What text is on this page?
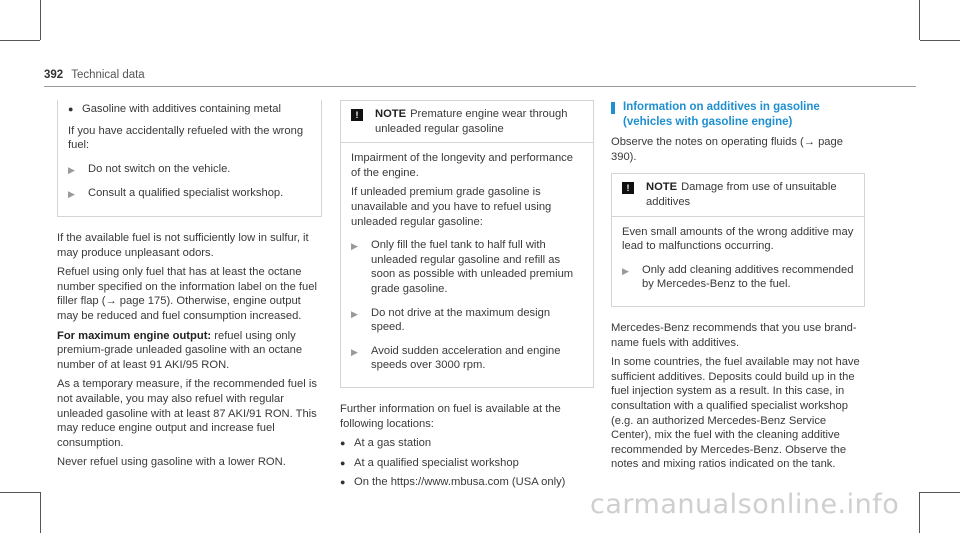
392 Technical data
● Gasoline with additives containing metal

If you have accidentally refueled with the wrong fuel:

▶	Do not switch on the vehicle.
▶	Consult a qualified specialist workshop.

If the available fuel is not sufficiently low in sulfur, it may produce unpleasant odors.

Refuel using only fuel that has at least the octane number specified on the information label on the fuel filler flap (→ page 175). Otherwise, engine output may be reduced and fuel consumption increased.

For maximum engine output: refuel using only premium-grade unleaded gasoline with an octane number of at least 91 AKI/95 RON.

As a temporary measure, if the recommended fuel is not available, you may also refuel with regular unleaded gasoline with at least 87 AKI/91 RON. This may reduce engine output and increase fuel consumption.

Never refuel using gasoline with a lower RON.

!	NOTE Premature engine wear through unleaded regular gasoline

Impairment of the longevity and performance of the engine.

If unleaded premium grade gasoline is unavailable and you have to refuel using unleaded regular gasoline:

▶	Only fill the fuel tank to half full with unleaded regular gasoline and refill as soon as possible with unleaded premium grade gasoline.
▶	Do not drive at the maximum design speed.
▶	Avoid sudden acceleration and engine speeds over 3000 rpm.

Further information on fuel is available at the following locations:

● At a gas station
● At a qualified specialist workshop
● On the https://www.mbusa.com (USA only)

Information on additives in gasoline (vehicles with gasoline engine)

Observe the notes on operating fluids (→ page 390).

!	NOTE Damage from use of unsuitable additives

Even small amounts of the wrong additive may lead to malfunctions occurring.

▶	Only add cleaning additives recommended by Mercedes-Benz to the fuel.

Mercedes-Benz recommends that you use brand-name fuels with additives.

In some countries, the fuel available may not have sufficient additives. Deposits could build up in the fuel injection system as a result. In this case, in consultation with a qualified specialist workshop (e.g. an authorized Mercedes-Benz Service Center), mix the fuel with the cleaning additive recommended by Mercedes-Benz. Observe the notes and mixing ratios indicated on the tank.

carmanualsonline.info
